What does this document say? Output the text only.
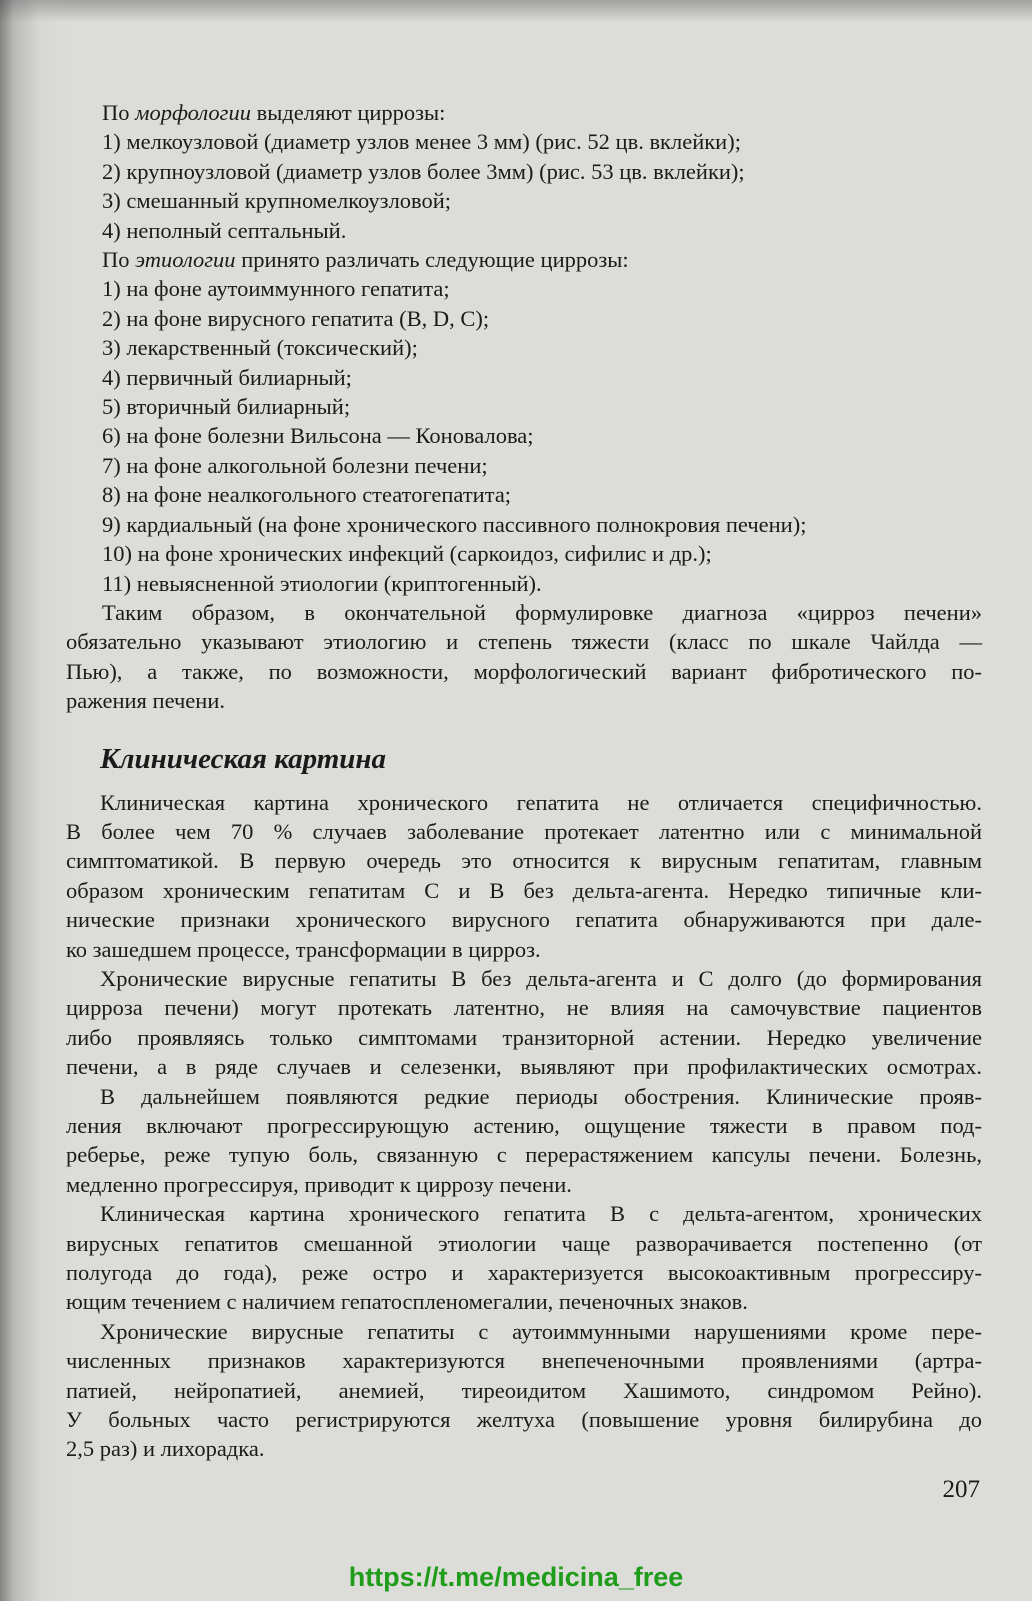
По морфологии выделяют циррозы:
1) мелкоузловой (диаметр узлов менее 3 мм) (рис. 52 цв. вклейки);
2) крупноузловой (диаметр узлов более 3мм) (рис. 53 цв. вклейки);
3) смешанный крупномелкоузловой;
4) неполный септальный.
По этиологии принято различать следующие циррозы:
1) на фоне аутоиммунного гепатита;
2) на фоне вирусного гепатита (В, D, С);
3) лекарственный (токсический);
4) первичный билиарный;
5) вторичный билиарный;
6) на фоне болезни Вильсона — Коновалова;
7) на фоне алкогольной болезни печени;
8) на фоне неалкогольного стеатогепатита;
9) кардиальный (на фоне хронического пассивного полнокровия печени);
10) на фоне хронических инфекций (саркоидоз, сифилис и др.);
11) невыясненной этиологии (криптогенный).
Таким образом, в окончательной формулировке диагноза «цирроз печени»
обязательно указывают этиологию и степень тяжести (класс по шкале Чайлда —
Пью), а также, по возможности, морфологический вариант фибротического по-
ражения печени.
Клиническая картина
Клиническая картина хронического гепатита не отличается специфичностью.
В более чем 70 % случаев заболевание протекает латентно или с минимальной
симптоматикой. В первую очередь это относится к вирусным гепатитам, главным
образом хроническим гепатитам С и В без дельта-агента. Нередко типичные кли-
нические признаки хронического вирусного гепатита обнаруживаются при дале-
ко зашедшем процессе, трансформации в цирроз.
Хронические вирусные гепатиты В без дельта-агента и С долго (до формирования
цирроза печени) могут протекать латентно, не влияя на самочувствие пациентов
либо проявляясь только симптомами транзиторной астении. Нередко увеличение
печени, а в ряде случаев и селезенки, выявляют при профилактических осмотрах.
В дальнейшем появляются редкие периоды обострения. Клинические прояв-
ления включают прогрессирующую астению, ощущение тяжести в правом под-
реберье, реже тупую боль, связанную с перерастяжением капсулы печени. Болезнь,
медленно прогрессируя, приводит к циррозу печени.
Клиническая картина хронического гепатита В с дельта-агентом, хронических
вирусных гепатитов смешанной этиологии чаще разворачивается постепенно (от
полугода до года), реже остро и характеризуется высокоактивным прогрессиру-
ющим течением с наличием гепатоспленомегалии, печеночных знаков.
Хронические вирусные гепатиты с аутоиммунными нарушениями кроме пере-
численных признаков характеризуются внепеченочными проявлениями (артра-
патией, нейропатией, анемией, тиреоидитом Хашимото, синдромом Рейно).
У больных часто регистрируются желтуха (повышение уровня билирубина до
2,5 раз) и лихорадка.
207
https://t.me/medicina_free
